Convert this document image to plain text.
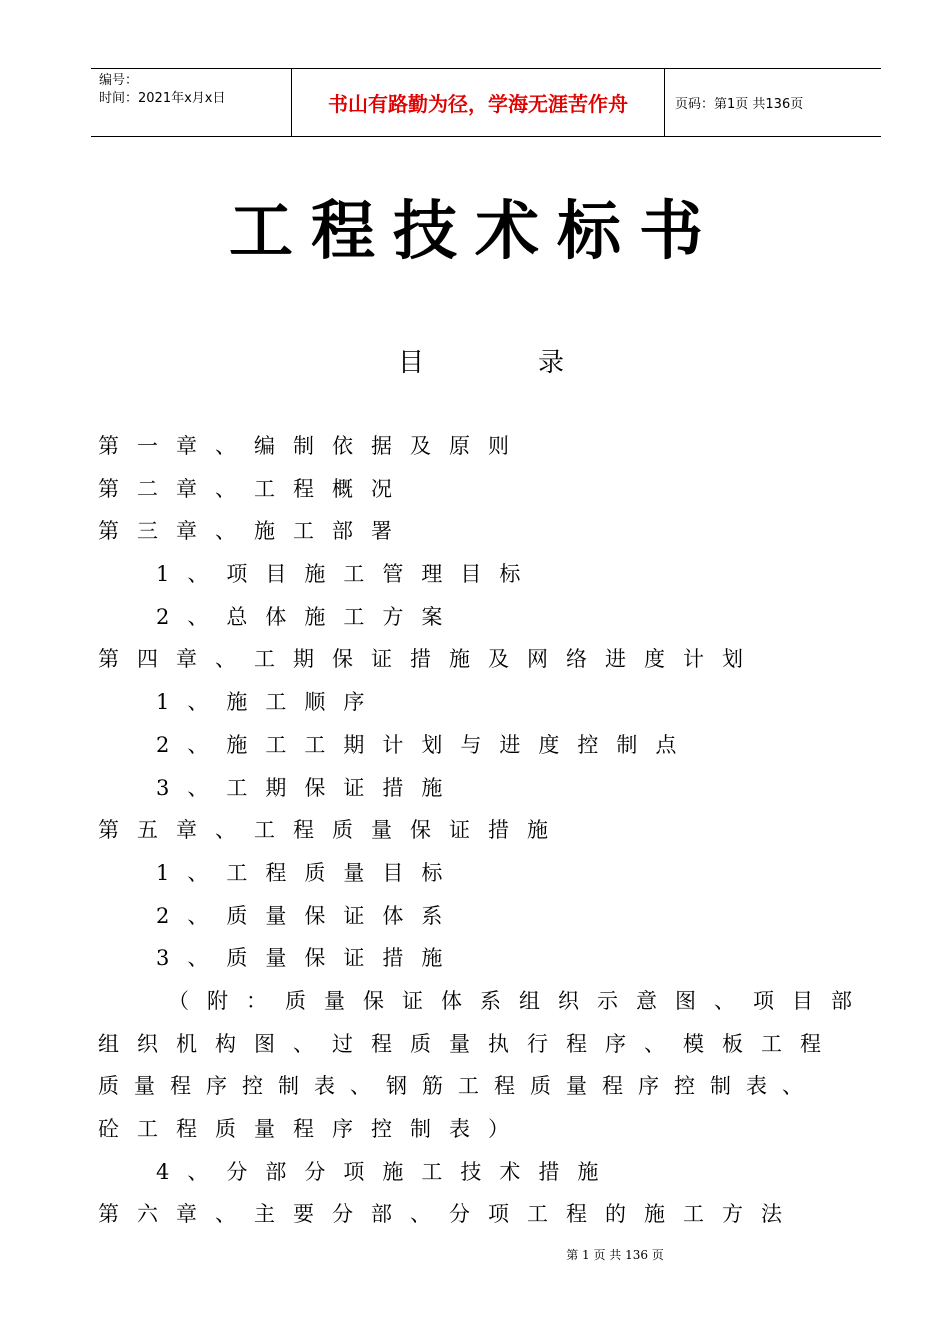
编号：
时间：2021年x月x日	书山有路勤为径，学海无涯苦作舟	页码：第1页 共136页
工程技术标书
目	录
第一章、编制依据及原则
第二章、工程概况
第三章、施工部署
1、项目施工管理目标
2、总体施工方案
第四章、工期保证措施及网络进度计划
1、施工顺序
2、施工工期计划与进度控制点
3、工期保证措施
第五章、工程质量保证措施
1、工程质量目标
2、质量保证体系
3、质量保证措施
（附：质量保证体系组织示意图、项目部
组织机构图、过程质量执行程序、模板工程
质量程序控制表、钢筋工程质量程序控制表、
砼工程质量程序控制表）
4、分部分项施工技术措施
第六章、主要分部、分项工程的施工方法
第 1 页 共 136 页
